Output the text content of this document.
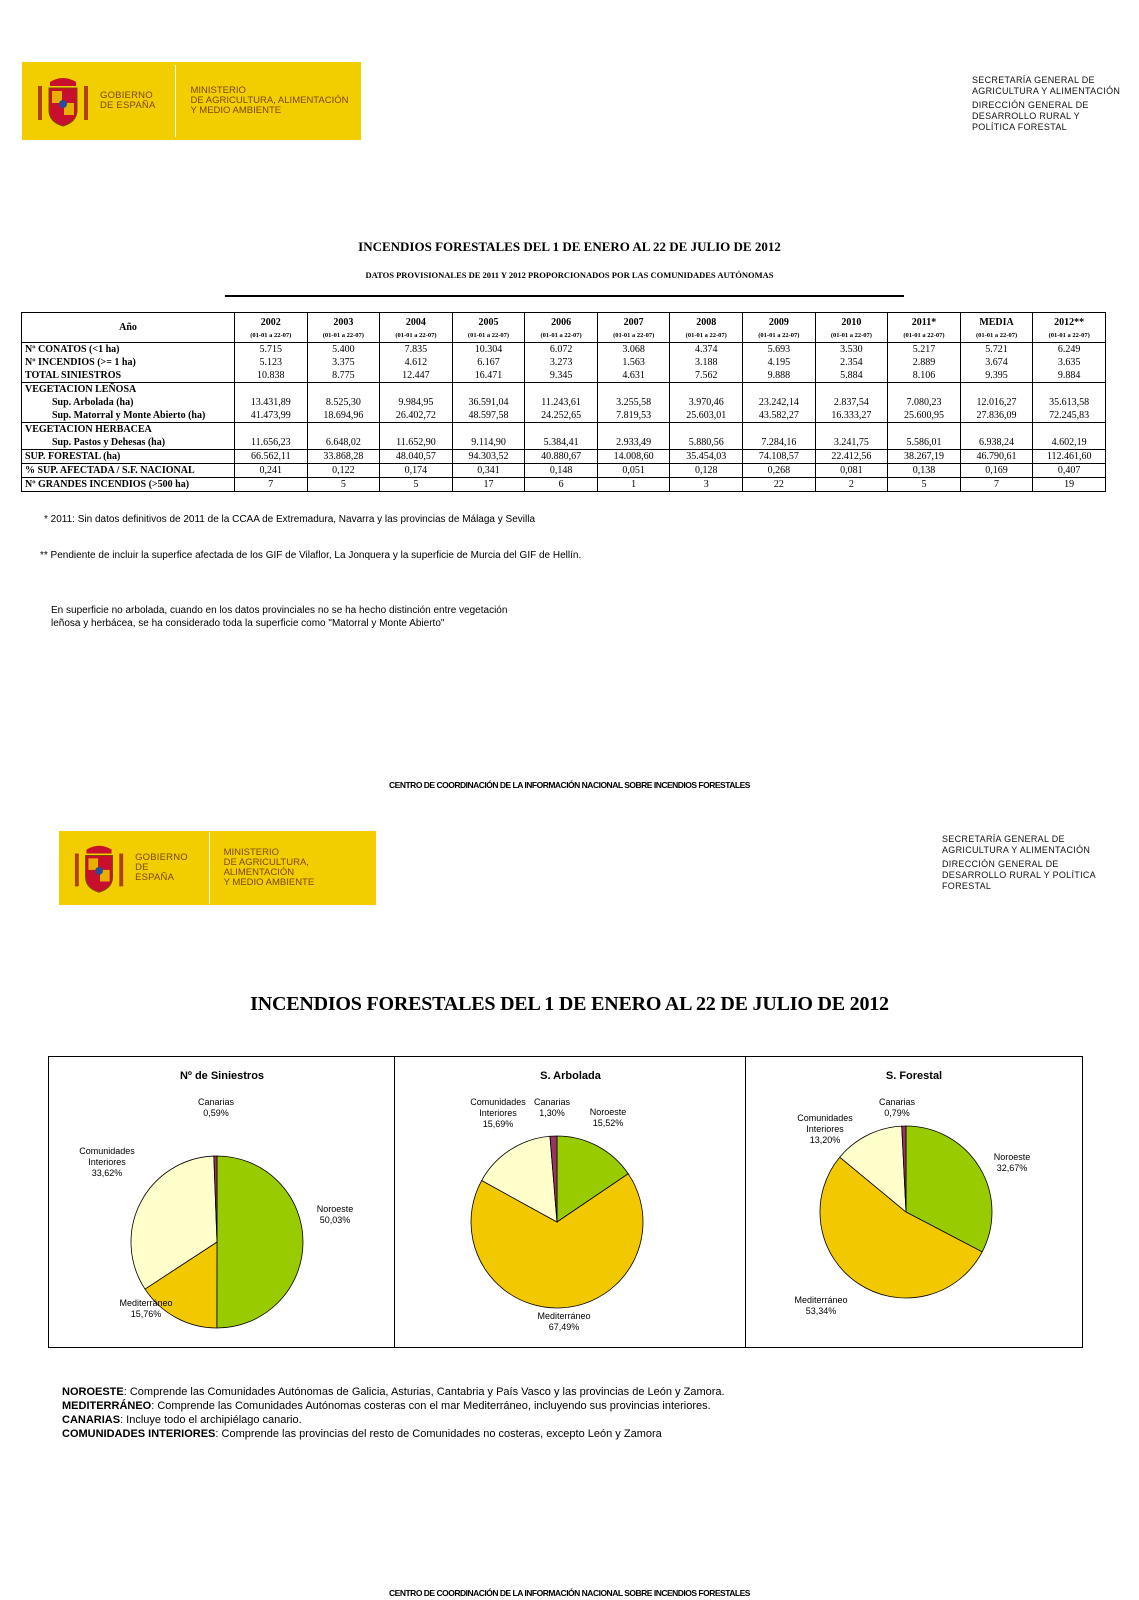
GOBIERNO
DE ESPAÑA
MINISTERIO
DE AGRICULTURA, ALIMENTACIÓN
Y MEDIO AMBIENTE

SECRETARÍA GENERAL DE
AGRICULTURA Y ALIMENTACIÓN

DIRECCIÓN GENERAL DE
DESARROLLO RURAL Y
POLÍTICA FORESTAL

INCENDIOS FORESTALES DEL 1 DE ENERO AL 22 DE JULIO DE 2012
DATOS PROVISIONALES DE 2011 Y 2012 PROPORCIONADOS POR LAS COMUNIDADES AUTÓNOMAS
Año	2002	2003	2004	2005	2006	2007	2008	2009	2010	2011*	MEDIA	2012**
	(01-01 a 22-07)	(01-01 a 22-07)	(01-01 a 22-07)	(01-01 a 22-07)	(01-01 a 22-07)	(01-01 a 22-07)	(01-01 a 22-07)	(01-01 a 22-07)	(01-01 a 22-07)	(01-01 a 22-07)	(01-01 a 22-07)	(01-01 a 22-07)
Nº CONATOS (<1 ha)	5.715	5.400	7.835	10.304	6.072	3.068	4.374	5.693	3.530	5.217	5.721	6.249
Nº INCENDIOS (>= 1 ha)	5.123	3.375	4.612	6.167	3.273	1.563	3.188	4.195	2.354	2.889	3.674	3.635
TOTAL SINIESTROS	10.838	8.775	12.447	16.471	9.345	4.631	7.562	9.888	5.884	8.106	9.395	9.884
VEGETACION LEÑOSA												
Sup. Arbolada (ha)	13.431,89	8.525,30	9.984,95	36.591,04	11.243,61	3.255,58	3.970,46	23.242,14	2.837,54	7.080,23	12.016,27	35.613,58
Sup. Matorral y Monte Abierto (ha)	41.473,99	18.694,96	26.402,72	48.597,58	24.252,65	7.819,53	25.603,01	43.582,27	16.333,27	25.600,95	27.836,09	72.245,83
VEGETACION HERBACEA												
Sup. Pastos y Dehesas (ha)	11.656,23	6.648,02	11.652,90	9.114,90	5.384,41	2.933,49	5.880,56	7.284,16	3.241,75	5.586,01	6.938,24	4.602,19
SUP. FORESTAL (ha)	66.562,11	33.868,28	48.040,57	94.303,52	40.880,67	14.008,60	35.454,03	74.108,57	22.412,56	38.267,19	46.790,61	112.461,60
% SUP. AFECTADA / S.F. NACIONAL	0,241	0,122	0,174	0,341	0,148	0,051	0,128	0,268	0,081	0,138	0,169	0,407
Nº GRANDES INCENDIOS (>500 ha)	7	5	5	17	6	1	3	22	2	5	7	19
* 2011: Sin datos definitivos de 2011 de la CCAA de Extremadura, Navarra y las provincias de Málaga y Sevilla
** Pendiente de incluir la superfice afectada de los GIF de Vilaflor, La Jonquera y la superficie de Murcia del GIF de Hellín.
En superficie no arbolada, cuando en los datos provinciales no se ha hecho distinción entre vegetación
leñosa y herbácea, se ha considerado toda la superficie como "Matorral y Monte Abierto"
CENTRO DE COORDINACIÓN DE LA INFORMACIÓN NACIONAL SOBRE INCENDIOS FORESTALES
GOBIERNO
DE ESPAÑA
MINISTERIO
DE AGRICULTURA, ALIMENTACIÓN
Y MEDIO AMBIENTE

SECRETARÍA GENERAL DE
AGRICULTURA Y ALIMENTACIÓN

DIRECCIÓN GENERAL DE
DESARROLLO RURAL Y POLÍTICA
FORESTAL

INCENDIOS FORESTALES DEL 1 DE ENERO AL 22 DE JULIO DE 2012
Nº de Siniestros
Canarias
0,59%
Comunidades Interiores
33,62%
Noroeste
50,03%
Mediterráneo
15,76%
S. Arbolada
Comunidades Interiores
15,69%
Canarias
1,30%	Noroeste
15,52%
Mediterráneo
67,49%
S. Forestal
Canarias
0,79%
Comunidades Interiores
13,20%
Noroeste
32,67%
Mediterráneo
53,34%
NOROESTE: Comprende las Comunidades Autónomas de Galicia, Asturias, Cantabria y País Vasco y las provincias de León y Zamora.
MEDITERRÁNEO: Comprende las Comunidades Autónomas costeras con el mar Mediterráneo, incluyendo sus provincias interiores.
CANARIAS: Incluye todo el archipiélago canario.
COMUNIDADES INTERIORES: Comprende las provincias del resto de Comunidades no costeras, excepto León y Zamora
CENTRO DE COORDINACIÓN DE LA INFORMACIÓN NACIONAL SOBRE INCENDIOS FORESTALES
